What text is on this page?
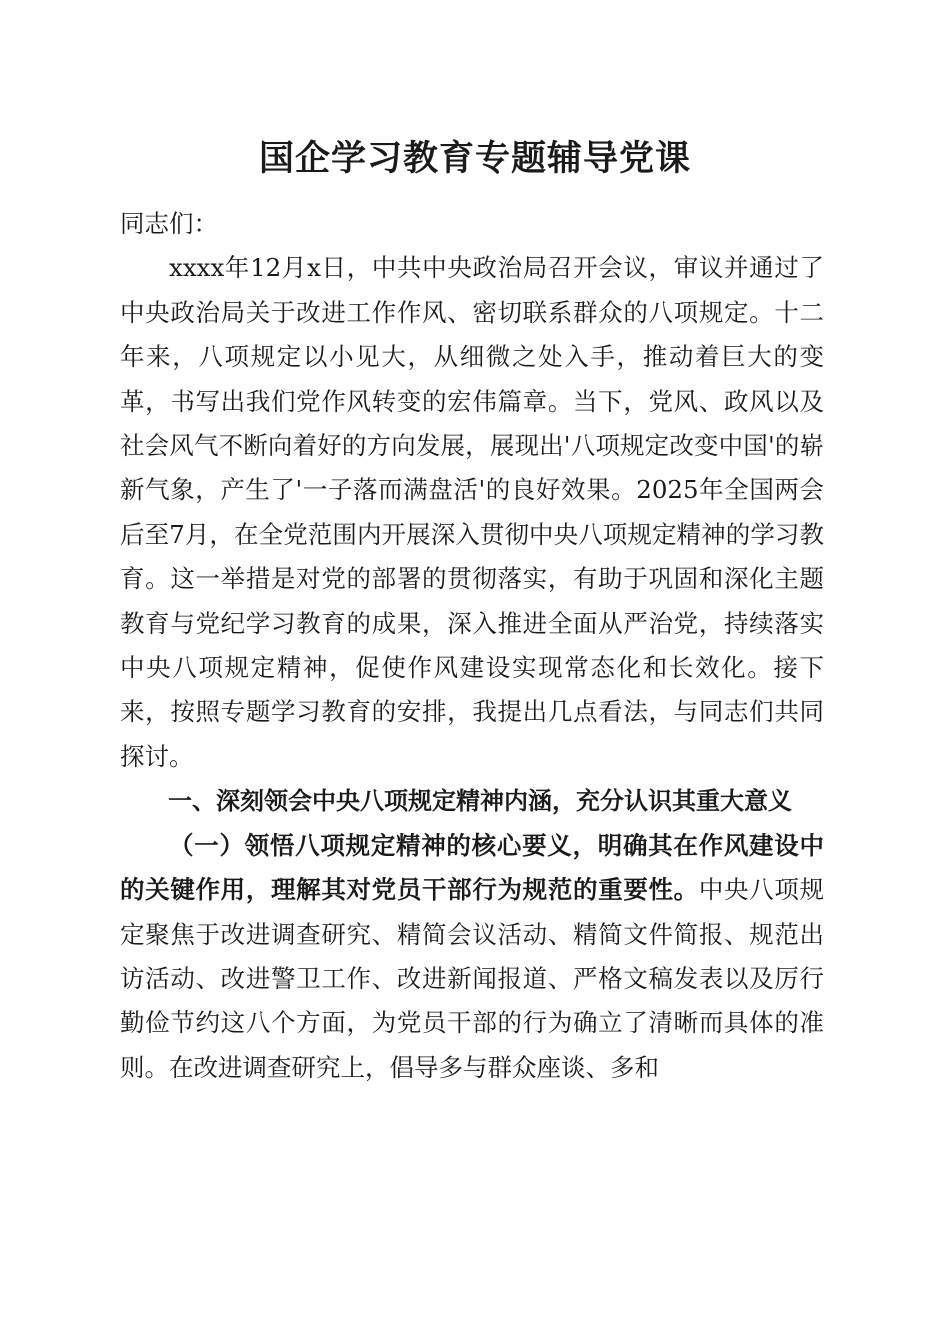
国企学习教育专题辅导党课

同志们：

xxxx年12月x日，中共中央政治局召开会议，审议并通过了中央政治局关于改进工作作风、密切联系群众的八项规定。十二年来，八项规定以小见大，从细微之处入手，推动着巨大的变革，书写出我们党作风转变的宏伟篇章。当下，党风、政风以及社会风气不断向着好的方向发展，展现出'八项规定改变中国'的崭新气象，产生了'一子落而满盘活'的良好效果。2025年全国两会后至7月，在全党范围内开展深入贯彻中央八项规定精神的学习教育。这一举措是对党的部署的贯彻落实，有助于巩固和深化主题教育与党纪学习教育的成果，深入推进全面从严治党，持续落实中央八项规定精神，促使作风建设实现常态化和长效化。接下来，按照专题学习教育的安排，我提出几点看法，与同志们共同探讨。

一、深刻领会中央八项规定精神内涵，充分认识其重大意义

（一）领悟八项规定精神的核心要义，明确其在作风建设中的关键作用，理解其对党员干部行为规范的重要性。中央八项规定聚焦于改进调查研究、精简会议活动、精简文件简报、规范出访活动、改进警卫工作、改进新闻报道、严格文稿发表以及厉行勤俭节约这八个方面，为党员干部的行为确立了清晰而具体的准则。在改进调查研究上，倡导多与群众座谈、多和
